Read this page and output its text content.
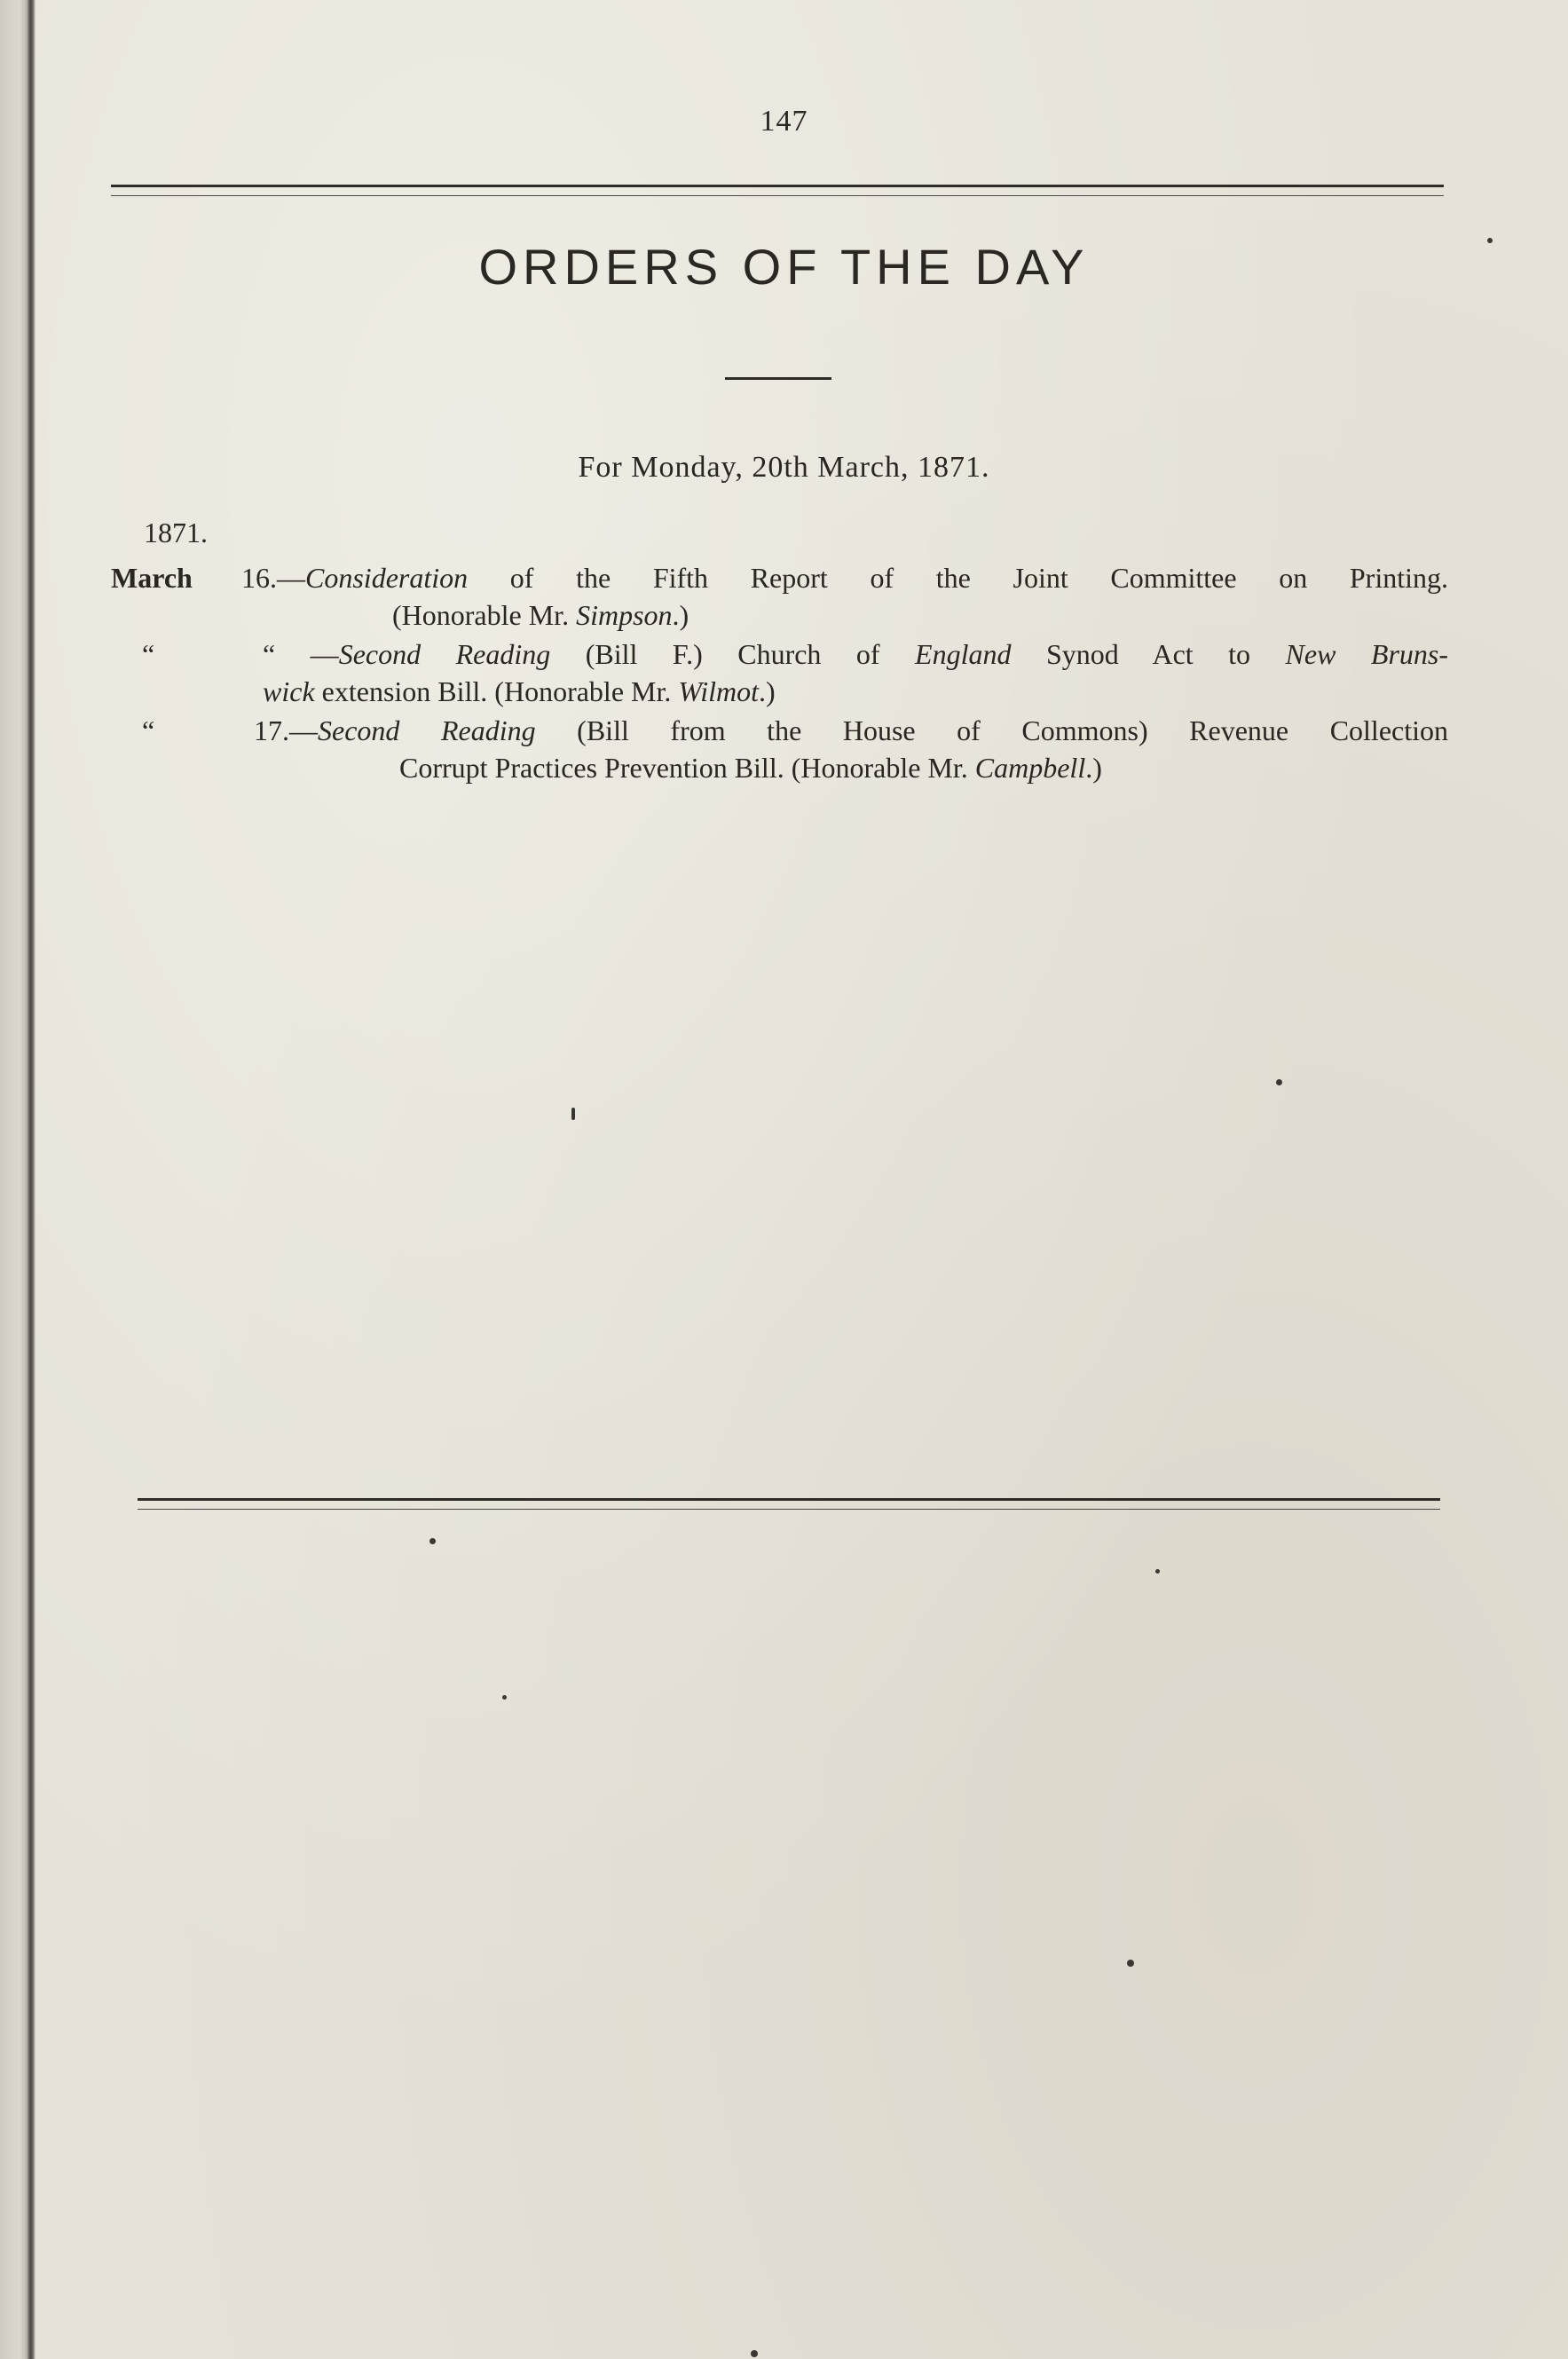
147
ORDERS OF THE DAY
For Monday, 20th March, 1871.
1871.
March 16.—Consideration of the Fifth Report of the Joint Committee on Printing.
(Honorable Mr. Simpson.)
“	“ —Second Reading (Bill F.) Church of England Synod Act to New Bruns-
wick extension Bill. (Honorable Mr. Wilmot.)
“	17.—Second Reading (Bill from the House of Commons) Revenue Collection
Corrupt Practices Prevention Bill. (Honorable Mr. Campbell.)
